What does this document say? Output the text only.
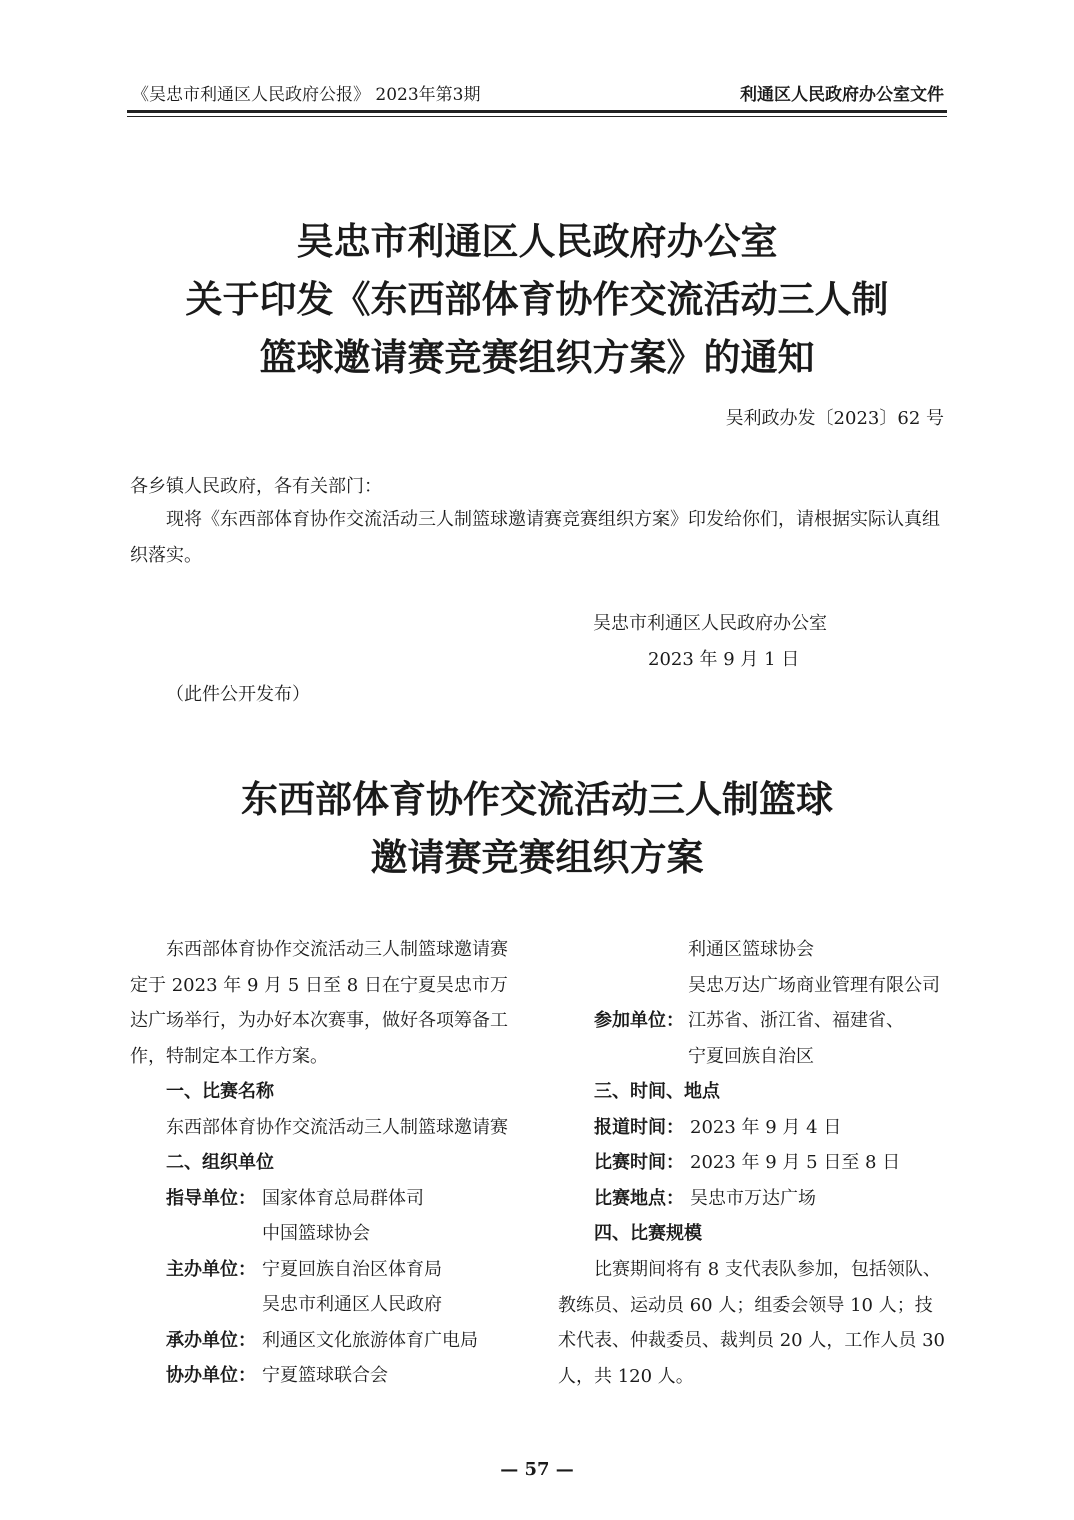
《吴忠市利通区人民政府公报》 2023年第3期	利通区人民政府办公室文件
吴忠市利通区人民政府办公室
关于印发《东西部体育协作交流活动三人制
篮球邀请赛竞赛组织方案》的通知
吴利政办发〔2023〕62 号
各乡镇人民政府，各有关部门：
现将《东西部体育协作交流活动三人制篮球邀请赛竞赛组织方案》印发给你们，请根据实际认真组织落实。
吴忠市利通区人民政府办公室
2023 年 9 月 1 日
（此件公开发布）
东西部体育协作交流活动三人制篮球
邀请赛竞赛组织方案
东西部体育协作交流活动三人制篮球邀请赛定于 2023 年 9 月 5 日至 8 日在宁夏吴忠市万达广场举行，为办好本次赛事，做好各项筹备工作，特制定本工作方案。
一、比赛名称
东西部体育协作交流活动三人制篮球邀请赛
二、组织单位
指导单位： 国家体育总局群体司
中国篮球协会
主办单位： 宁夏回族自治区体育局
吴忠市利通区人民政府
承办单位： 利通区文化旅游体育广电局
协办单位： 宁夏篮球联合会
利通区篮球协会
吴忠万达广场商业管理有限公司
参加单位： 江苏省、浙江省、福建省、
宁夏回族自治区
三、时间、地点
报道时间： 2023 年 9 月 4 日
比赛时间： 2023 年 9 月 5 日至 8 日
比赛地点： 吴忠市万达广场
四、比赛规模
比赛期间将有 8 支代表队参加，包括领队、教练员、运动员 60 人；组委会领导 10 人；技术代表、仲裁委员、裁判员 20 人，工作人员 30 人，共 120 人。
— 57 —
